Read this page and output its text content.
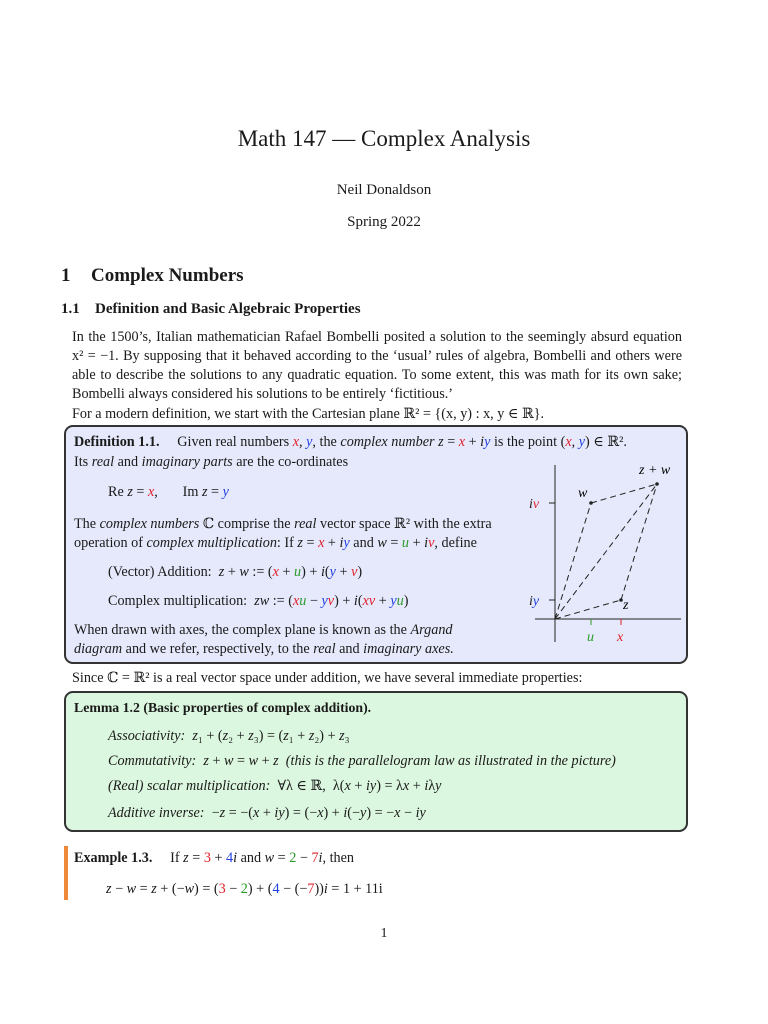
Math 147 — Complex Analysis
Neil Donaldson
Spring 2022
1 Complex Numbers
1.1 Definition and Basic Algebraic Properties
In the 1500’s, Italian mathematician Rafael Bombelli posited a solution to the seemingly absurd equation x² = −1. By supposing that it behaved according to the ‘usual’ rules of algebra, Bombelli and others were able to describe the solutions to any quadratic equation. To some extent, this was math for its own sake; Bombelli always considered his solutions to be entirely ‘fictitious.’
For a modern definition, we start with the Cartesian plane ℝ² = {(x, y) : x, y ∈ ℝ}.
Definition 1.1.     Given real numbers x, y, the complex number z = x + iy is the point (x, y) ∈ ℝ².
Its real and imaginary parts are the co-ordinates
Re z = x,       Im z = y
The complex numbers ℂ comprise the real vector space ℝ² with the extra
operation of complex multiplication: If z = x + iy and w = u + iv, define
(Vector) Addition:  z + w := (x + u) + i(y + v)
Complex multiplication:  zw := (xu − yv) + i(xv + yu)
When drawn with axes, the complex plane is known as the Argand
diagram and we refer, respectively, to the real and imaginary axes.
z + w
w
z
iv
iy
u x
Since ℂ = ℝ² is a real vector space under addition, we have several immediate properties:
Lemma 1.2 (Basic properties of complex addition).
Associativity: z₁ + (z₂ + z₃) = (z₁ + z₂) + z₃
Commutativity: z + w = w + z (this is the parallelogram law as illustrated in the picture)
(Real) scalar multiplication:  ∀λ ∈ ℝ,  λ(x + iy) = λx + iλy
Additive inverse:  −z = −(x + iy) = (−x) + i(−y) = −x − iy
Example 1.3.     If z = 3 + 4i and w = 2 − 7i, then
z − w = z + (−w) = (3 − 2) + (4 − (−7))i = 1 + 11i
1
